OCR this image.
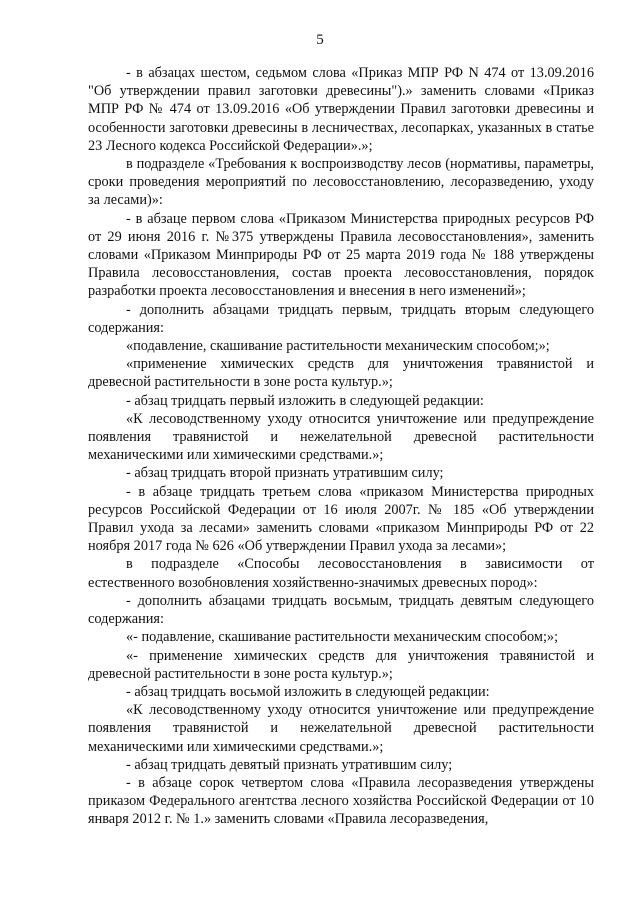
5

- в абзацах шестом, седьмом слова «Приказ МПР РФ N 474 от 13.09.2016 "Об утверждении правил заготовки древесины").» заменить словами «Приказ МПР РФ № 474 от 13.09.2016 «Об утверждении Правил заготовки древесины и особенности заготовки древесины в лесничествах, лесопарках, указанных в статье 23 Лесного кодекса Российской Федерации».»;

в подразделе «Требования к воспроизводству лесов (нормативы, параметры, сроки проведения мероприятий по лесовосстановлению, лесоразведению, уходу за лесами)»:

- в абзаце первом слова «Приказом Министерства природных ресурсов РФ от 29 июня 2016 г. №375 утверждены Правила лесовосстановления», заменить словами «Приказом Минприроды РФ от 25 марта 2019 года № 188 утверждены Правила лесовосстановления, состав проекта лесовосстановления, порядок разработки проекта лесовосстановления и внесения в него изменений»;

- дополнить абзацами тридцать первым, тридцать вторым следующего содержания:

«подавление, скашивание растительности механическим способом;»;

«применение химических средств для уничтожения травянистой и древесной растительности в зоне роста культур.»;

- абзац тридцать первый изложить в следующей редакции:

«К лесоводственному уходу относится уничтожение или предупреждение появления травянистой и нежелательной древесной растительности механическими или химическими средствами.»;

- абзац тридцать второй признать утратившим силу;

- в абзаце тридцать третьем слова «приказом Министерства природных ресурсов Российской Федерации от 16 июля 2007г. № 185 «Об утверждении Правил ухода за лесами» заменить словами «приказом Минприроды РФ от 22 ноября 2017 года № 626 «Об утверждении Правил ухода за лесами»;

в подразделе «Способы лесовосстановления в зависимости от естественного возобновления хозяйственно-значимых древесных пород»:

- дополнить абзацами тридцать восьмым, тридцать девятым следующего содержания:

«- подавление, скашивание растительности механическим способом;»;

«- применение химических средств для уничтожения травянистой и древесной растительности в зоне роста культур.»;

- абзац тридцать восьмой изложить в следующей редакции:

«К лесоводственному уходу относится уничтожение или предупреждение появления травянистой и нежелательной древесной растительности механическими или химическими средствами.»;

- абзац тридцать девятый признать утратившим силу;

- в абзаце сорок четвертом слова «Правила лесоразведения утверждены приказом Федерального агентства лесного хозяйства Российской Федерации от 10 января 2012 г. № 1.» заменить словами «Правила лесоразведения,
